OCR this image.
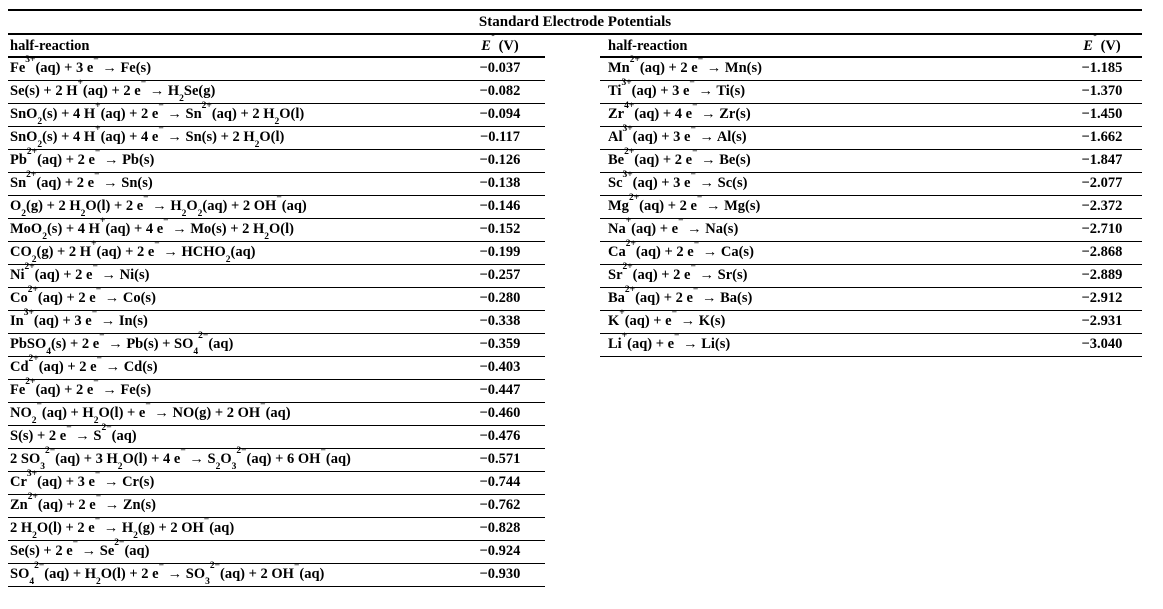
Standard Electrode Potentials
half-reaction	E° (V)
$Fe^{3+}(aq) + 3$ e− → Fe(s)	−0.037
Se(s) + 2 H+(aq) + 2 $e^- \to H_2Se(g)$	−0.082
SnO$_2$(s) + 4 H+(aq) + 2 $e^- \to Sn^{2+}(aq) + 2$ $H_2O(l)$	−0.094
SnO$_2$(s) + 4 H+(aq) + 4 e− → Sn(s) + 2 $H_2O(l)$	−0.117
$Pb^{2+}(aq) + 2$ e− → Pb(s)	−0.126
$Sn^{2+}(aq) + 2$ e− → Sn(s)	−0.138
$O_2(g) + 2$ $H_2O(l) + 2$ $e^- \to H_2O_2(aq) + 2$ OH−(aq)	−0.146
MoO$_2$(s) + 4 H+(aq) + 4 e− → Mo(s) + 2 $H_2O(l)$	−0.152
$CO_2(g) + 2$ H+(aq) + 2 $e^- \to HCHO_2(aq)$	−0.199
$Ni^{2+}(aq) + 2$ e− → Ni(s)	−0.257
$Co^{2+}(aq) + 2$ e− → Co(s)	−0.280
$In^{3+}(aq) + 3$ e− → In(s)	−0.338
PbSO$_4$(s) + 2 $e^- \to Pb(s) + SO_4^{2-}(aq)$	−0.359
$Cd^{2+}(aq) + 2$ e− → Cd(s)	−0.403
$Fe^{2+}(aq) + 2$ e− → Fe(s)	−0.447
$NO_2^-(aq) + H_2O(l) + e^- \to NO(g) + 2$ OH−(aq)	−0.460
S(s) + 2 $e^- \to S^{2-}(aq)$	−0.476
2 $SO_3^{2-}(aq) + 3$ $H_2O(l) + 4$ $e^- \to S_2O_3^{2-}(aq) + 6$ OH−(aq)	−0.571
$Cr^{3+}(aq) + 3$ e− → Cr(s)	−0.744
$Zn^{2+}(aq) + 2$ e− → Zn(s)	−0.762
2 $H_2O(l) + 2$ $e^- \to H_2(g) + 2$ OH−(aq)	−0.828
Se(s) + 2 $e^- \to Se^{2-}(aq)$	−0.924
$SO_4^{2-}(aq) + H_2O(l) + 2$ $e^- \to SO_3^{2-}(aq) + 2$ OH−(aq)	−0.930
half-reaction	E° (V)
$Mn^{2+}(aq) + 2$ e− → Mn(s)	−1.185
$Ti^{3+}(aq) + 3$ e− → Ti(s)	−1.370
$Zr^{4+}(aq) + 4$ e− → Zr(s)	−1.450
$Al^{3+}(aq) + 3$ e− → Al(s)	−1.662
$Be^{2+}(aq) + 2$ e− → Be(s)	−1.847
$Sc^{3+}(aq) + 3$ e− → Sc(s)	−2.077
$Mg^{2+}(aq) + 2$ e− → Mg(s)	−2.372
Na+(aq) + e− → Na(s)	−2.710
$Ca^{2+}(aq) + 2$ e− → Ca(s)	−2.868
$Sr^{2+}(aq) + 2$ e− → Sr(s)	−2.889
$Ba^{2+}(aq) + 2$ e− → Ba(s)	−2.912
K+(aq) + e− → K(s)	−2.931
Li+(aq) + e− → Li(s)	−3.040
